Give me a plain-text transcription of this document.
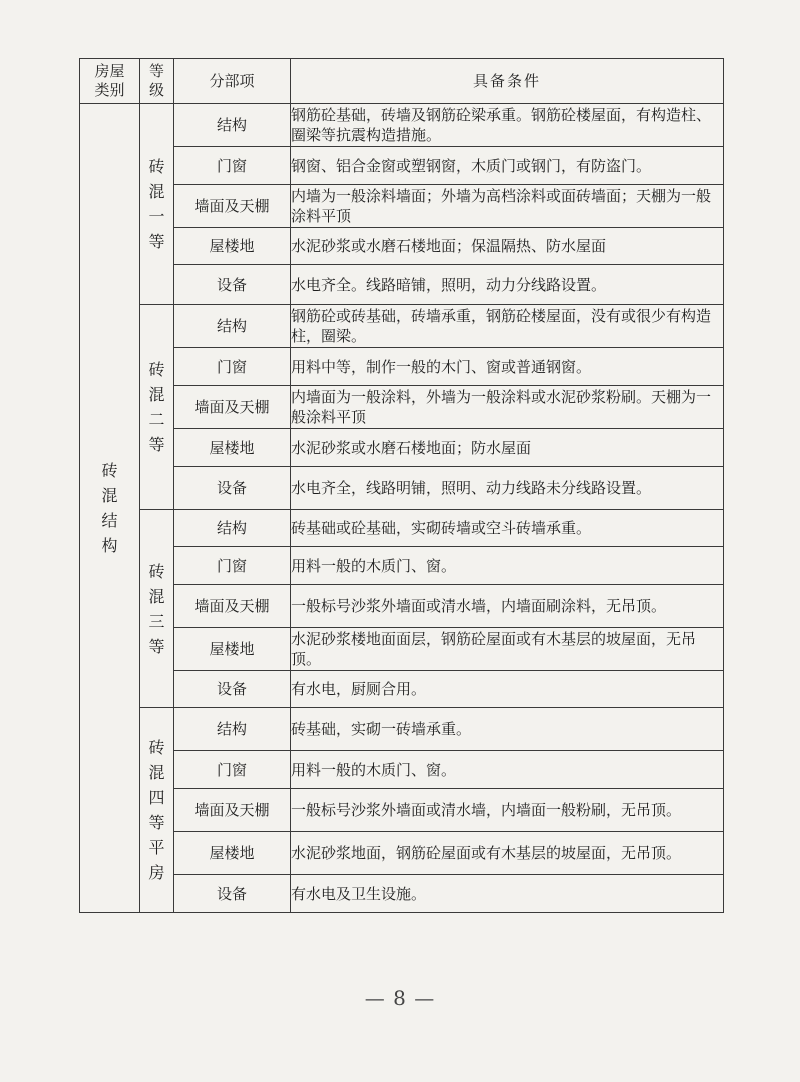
房屋类别	等级	分部项	具备条件
砖混结构	砖混一等	结构	钢筋砼基础，砖墙及钢筋砼梁承重。钢筋砼楼屋面，有构造柱、圈梁等抗震构造措施。
		门窗	钢窗、铝合金窗或塑钢窗，木质门或钢门，有防盗门。
		墙面及天棚	内墙为一般涂料墙面；外墙为高档涂料或面砖墙面；天棚为一般涂料平顶
		屋楼地	水泥砂浆或水磨石楼地面；保温隔热、防水屋面
		设备	水电齐全。线路暗铺，照明，动力分线路设置。
	砖混二等	结构	钢筋砼或砖基础，砖墙承重，钢筋砼楼屋面，没有或很少有构造柱，圈梁。
		门窗	用料中等，制作一般的木门、窗或普通钢窗。
		墙面及天棚	内墙面为一般涂料，外墙为一般涂料或水泥砂浆粉刷。天棚为一般涂料平顶
		屋楼地	水泥砂浆或水磨石楼地面；防水屋面
		设备	水电齐全，线路明铺，照明、动力线路未分线路设置。
	砖混三等	结构	砖基础或砼基础，实砌砖墙或空斗砖墙承重。
		门窗	用料一般的木质门、窗。
		墙面及天棚	一般标号沙浆外墙面或清水墙，内墙面刷涂料，无吊顶。
		屋楼地	水泥砂浆楼地面面层，钢筋砼屋面或有木基层的坡屋面，无吊顶。
		设备	有水电，厨厕合用。
	砖混四等平房	结构	砖基础，实砌一砖墙承重。
		门窗	用料一般的木质门、窗。
		墙面及天棚	一般标号沙浆外墙面或清水墙，内墙面一般粉刷，无吊顶。
		屋楼地	水泥砂浆地面，钢筋砼屋面或有木基层的坡屋面，无吊顶。
		设备	有水电及卫生设施。
— 8 —
